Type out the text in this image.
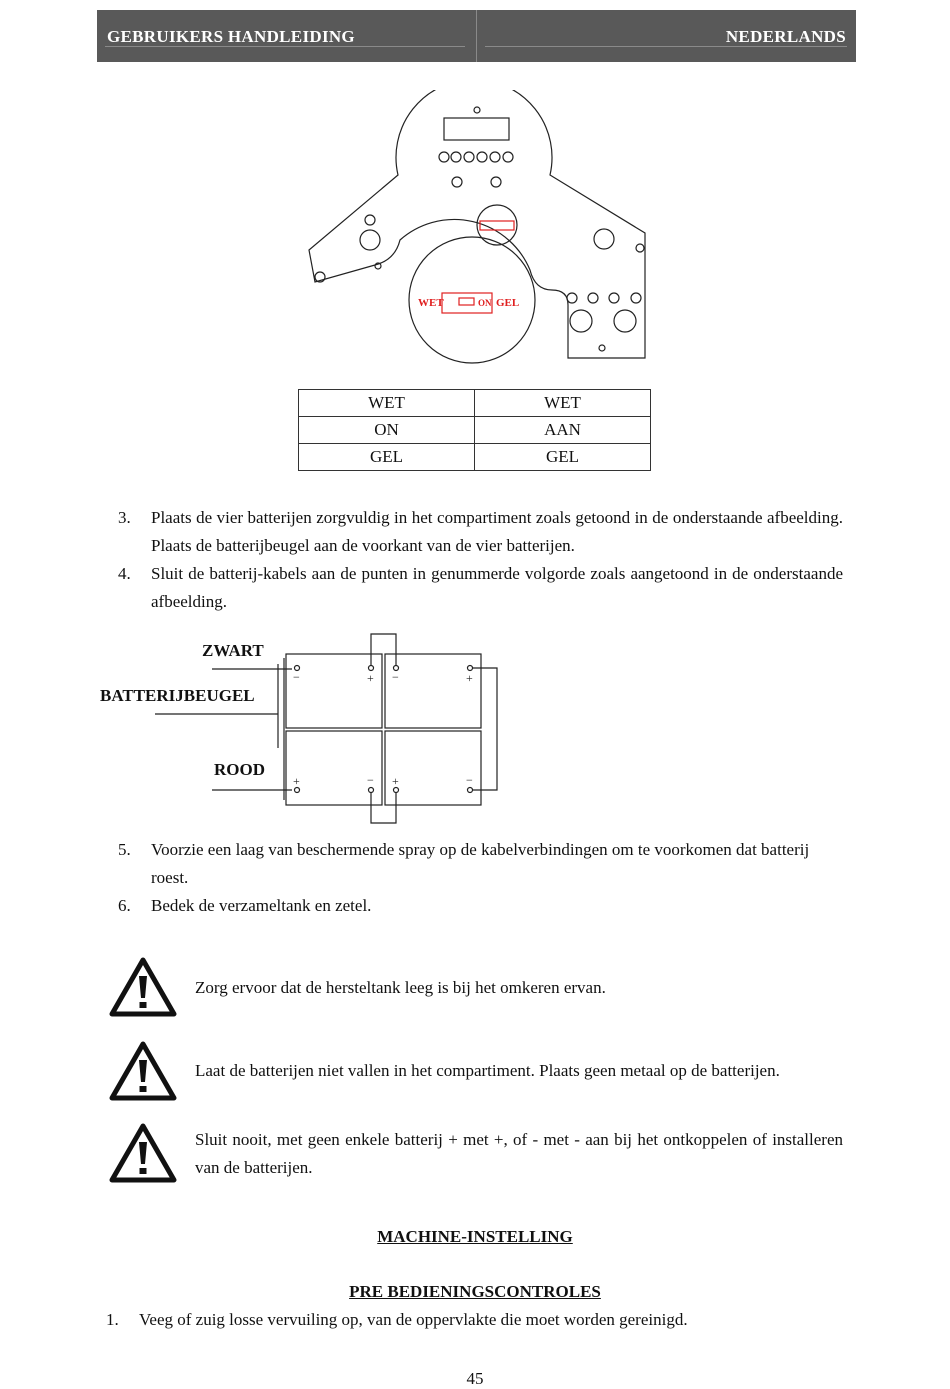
GEBRUIKERS HANDLEIDING	NEDERLANDS
WET	ON GEL
WET	WET
ON	AAN
GEL	GEL
3. Plaats de vier batterijen zorgvuldig in het compartiment zoals getoond in de onderstaande afbeelding. Plaats de batterijbeugel aan de voorkant van de vier batterijen.
4. Sluit de batterij-kabels aan de punten in genummerde volgorde zoals aangetoond in de onderstaande afbeelding.
ZWART
BATTERIJBEUGEL
ROOD
−	+ −	+
+	− +	−
5. Voorzie een laag van beschermende spray op de kabelverbindingen om te voorkomen dat batterij roest.
6. Bedek de verzameltank en zetel.
Zorg ervoor dat de hersteltank leeg is bij het omkeren ervan.
Laat de batterijen niet vallen in het compartiment. Plaats geen metaal op de batterijen.
Sluit nooit, met geen enkele batterij + met +, of - met - aan bij het ontkoppelen of installeren van de batterijen.
MACHINE-INSTELLING
PRE BEDIENINGSCONTROLES
1. Veeg of zuig losse vervuiling op, van de oppervlakte die moet worden gereinigd.
45
